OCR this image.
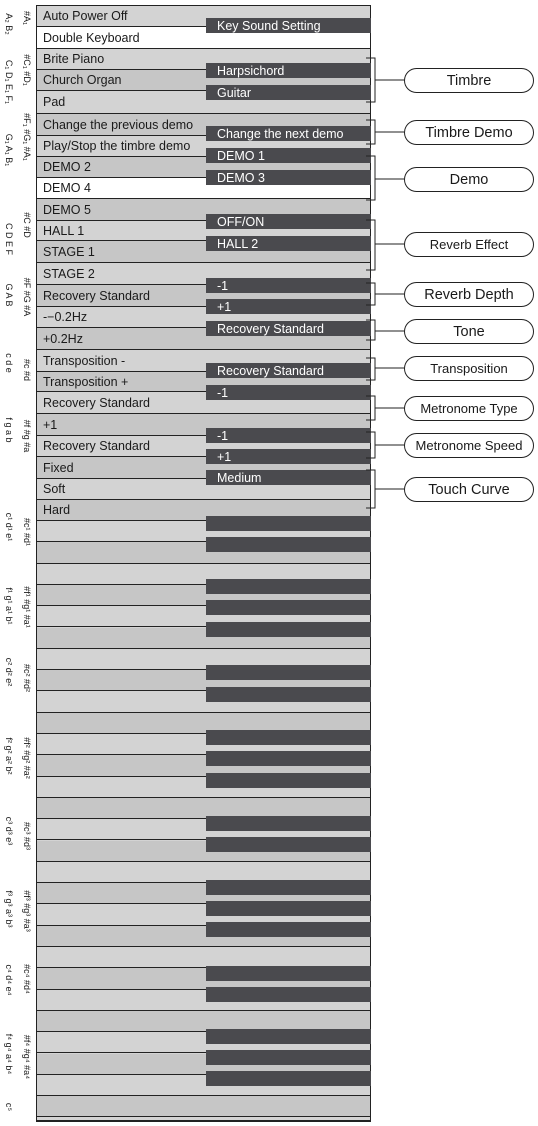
Auto Power Off
Double Keyboard
Brite Piano
Church Organ
Pad
Change the previous demo
Play/Stop the timbre demo
DEMO 2
DEMO 4
DEMO 5
HALL 1
STAGE 1
STAGE 2
Recovery Standard
-−0.2Hz
+0.2Hz
Transposition -
Transposition +
Recovery Standard
+1
Recovery Standard
Fixed
Soft
Hard
Key Sound Setting
Harpsichord
Guitar
Change the next demo
DEMO 1
DEMO 3
OFF/ON
HALL 2
-1
+1
Recovery Standard
Recovery Standard
-1
-1
+1
Medium
A₂ B₂ #A₁
C₁ D₁ E₁ F₁ #C₁ #D₁
G₁ A₁ B₁ #F₁ #G₁ #A₁
C D E F #C #D
G A B #F #G #A
c d e #c #d
f g a b #f #g #a
c¹ d¹ e¹ #c¹ #d¹
f¹ g¹ a¹ b¹ #f¹ #g¹ #a¹
c² d² e² #c² #d²
f² g² a² b² #f² #g² #a²
c³ d³ e³ #c³ #d³
f³ g³ a³ b³ #f³ #g³ #a³
c⁴ d⁴ e⁴ #c⁴ #d⁴
f⁴ g⁴ a⁴ b⁴ #f⁴ #g⁴ #a⁴
c⁵
Timbre
Timbre Demo
Demo
Reverb Effect
Reverb Depth
Tone
Transposition
Metronome Type
Metronome Speed
Touch Curve
